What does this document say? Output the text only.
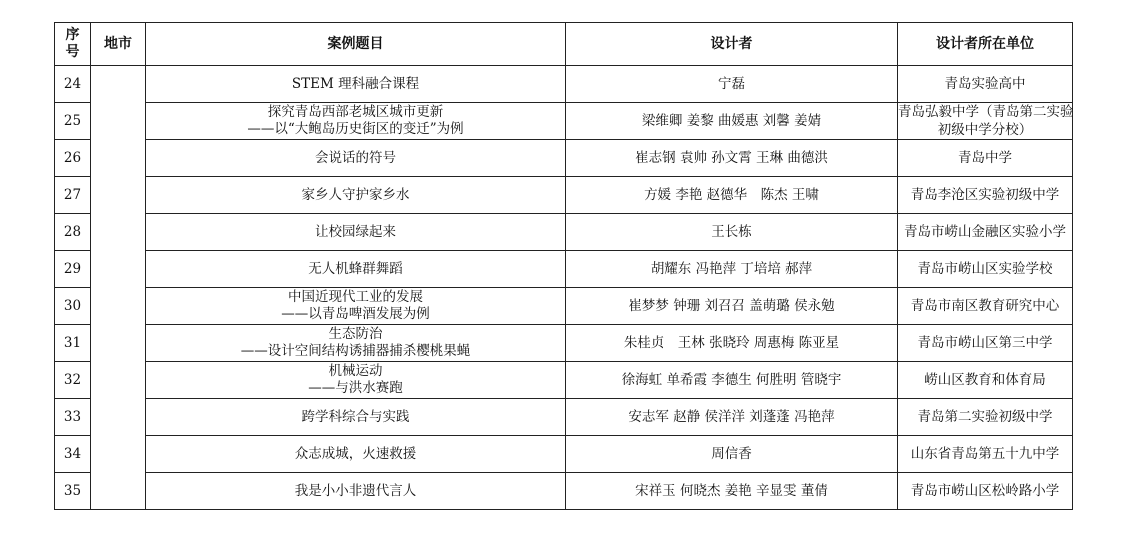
序
号	地市	案例题目	设计者	设计者所在单位
24		STEM 理科融合课程	宁磊	青岛实验高中

25		探究青岛西部老城区城市更新
——以“大鲍岛历史街区的变迁”为例	梁维卿 姜黎 曲媛惠 刘馨 姜婧	青岛弘毅中学（青岛第二实验
初级中学分校）

26		会说话的符号	崔志钢 袁帅 孙文霄 王琳 曲德洪	青岛中学

27		家乡人守护家乡水	方媛 李艳 赵德华　陈杰 王啸	青岛李沧区实验初级中学

28		让校园绿起来	王长栋	青岛市崂山金融区实验小学

29		无人机蜂群舞蹈	胡耀东 冯艳萍 丁培培 郝萍	青岛市崂山区实验学校

30		中国近现代工业的发展
——以青岛啤酒发展为例	崔梦梦 钟珊 刘召召 盖萌璐 侯永勉	青岛市南区教育研究中心

31		生态防治
——设计空间结构诱捕器捕杀樱桃果蝇	朱桂贞　王林 张晓玲 周惠梅 陈亚星	青岛市崂山区第三中学

32		机械运动
——与洪水赛跑	徐海虹 单希霞 李德生 何胜明 管晓宇	崂山区教育和体育局

33		跨学科综合与实践	安志军 赵静 侯洋洋 刘蓬蓬 冯艳萍	青岛第二实验初级中学

34		众志成城，火速救援	周信香	山东省青岛第五十九中学

35		我是小小非遗代言人	宋祥玉 何晓杰 姜艳 辛显雯 董倩	青岛市崂山区松岭路小学
